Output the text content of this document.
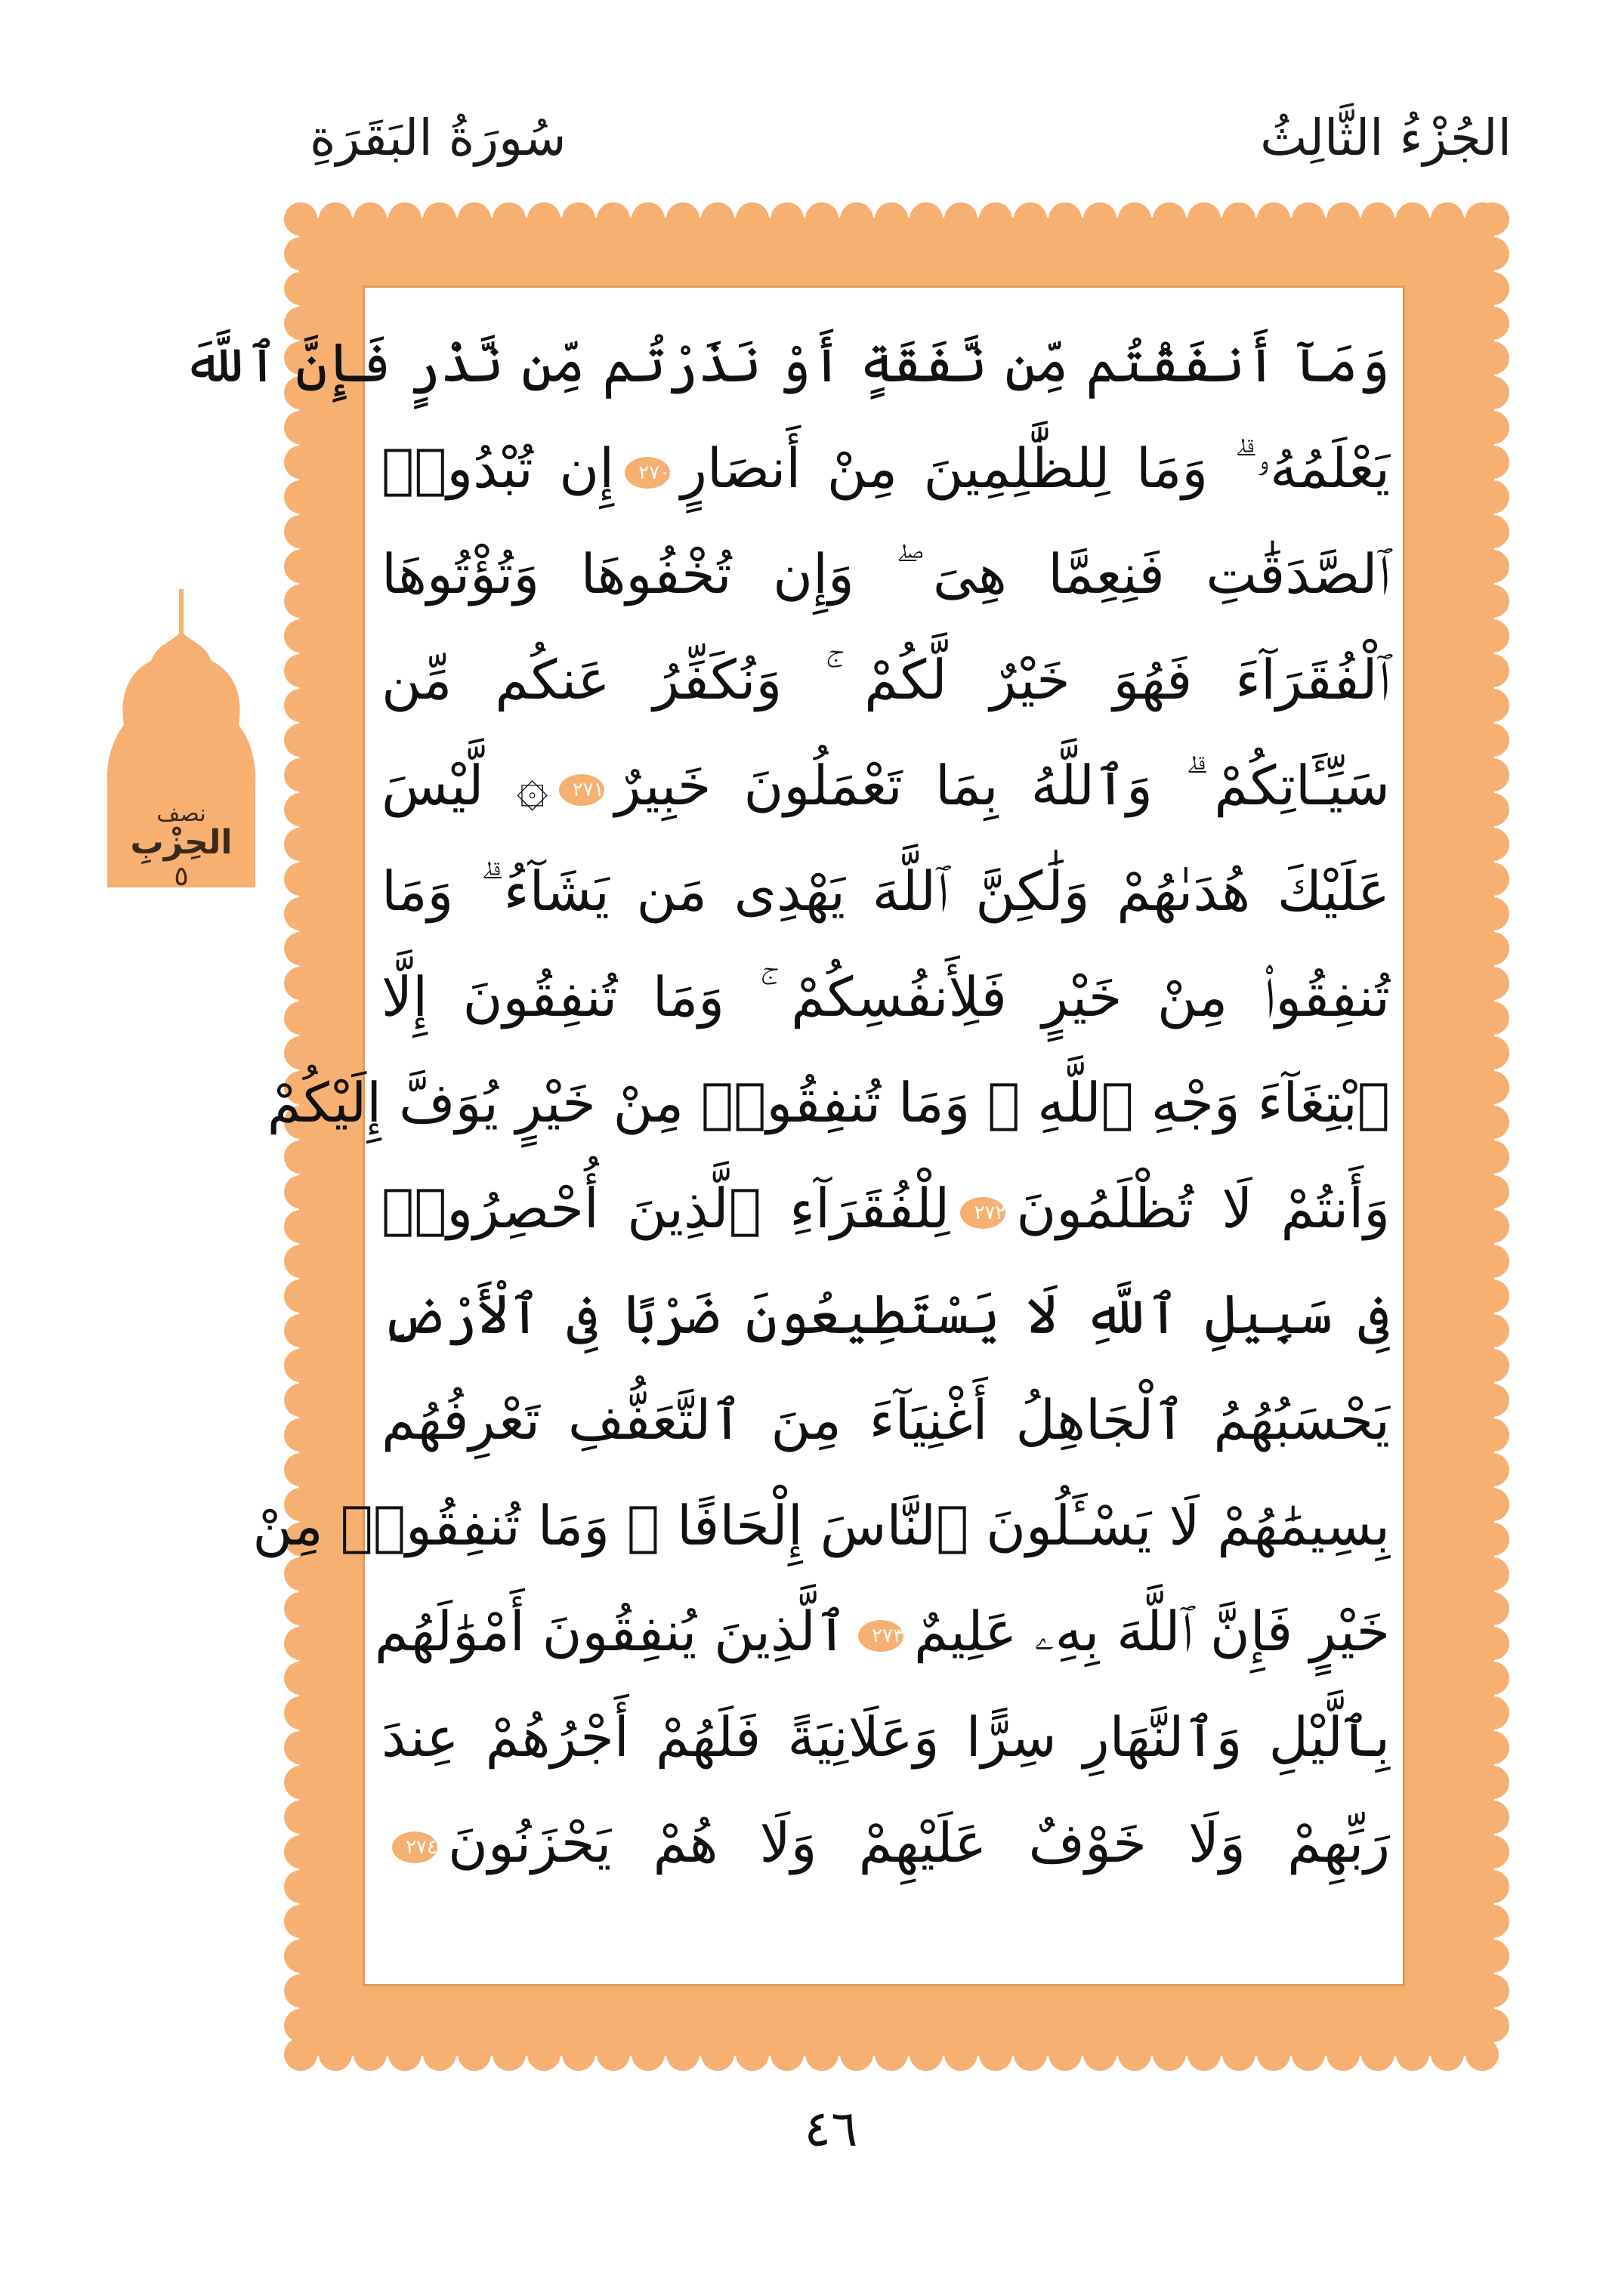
الجُزْءُ الثَّالِثُ
سُورَةُ البَقَرَةِ
وَمَآ أَنفَقْتُم مِّن نَّفَقَةٍ أَوْ نَذَرْتُم مِّن نَّذْرٍ فَإِنَّ ٱللَّهَ
يَعْلَمُهُۥ ۗ وَمَا لِلظَّٰلِمِينَ مِنْ أَنصَارٍ٢٧٠إِن تُبْدُوا۟
ٱلصَّدَقَٰتِ فَنِعِمَّا هِىَ ۖ وَإِن تُخْفُوهَا وَتُؤْتُوهَا
ٱلْفُقَرَآءَ فَهُوَ خَيْرٌ لَّكُمْ ۚ وَنُكَفِّرُ عَنكُم مِّن
سَيِّـَٔاتِكُمْ ۗ وَٱللَّهُ بِمَا تَعْمَلُونَ خَبِيرٌ٢٧١۞ لَّيْسَ
عَلَيْكَ هُدَىٰهُمْ وَلَٰكِنَّ ٱللَّهَ يَهْدِى مَن يَشَآءُ ۗ وَمَا
تُنفِقُوا۟ مِنْ خَيْرٍ فَلِأَنفُسِكُمْ ۚ وَمَا تُنفِقُونَ إِلَّا
ٱبْتِغَآءَ وَجْهِ ٱللَّهِ ۚ وَمَا تُنفِقُوا۟ مِنْ خَيْرٍ يُوَفَّ إِلَيْكُمْ
وَأَنتُمْ لَا تُظْلَمُونَ٢٧٢لِلْفُقَرَآءِ ٱلَّذِينَ أُحْصِرُوا۟
فِى سَبِيلِ ٱللَّهِ لَا يَسْتَطِيعُونَ ضَرْبًا فِى ٱلْأَرْضِ
يَحْسَبُهُمُ ٱلْجَاهِلُ أَغْنِيَآءَ مِنَ ٱلتَّعَفُّفِ تَعْرِفُهُم
بِسِيمَٰهُمْ لَا يَسْـَٔلُونَ ٱلنَّاسَ إِلْحَافًا ۗ وَمَا تُنفِقُوا۟ مِنْ
خَيْرٍ فَإِنَّ ٱللَّهَ بِهِۦ عَلِيمٌ٢٧٣ٱلَّذِينَ يُنفِقُونَ أَمْوَٰلَهُم
بِٱلَّيْلِ وَٱلنَّهَارِ سِرًّا وَعَلَانِيَةً فَلَهُمْ أَجْرُهُمْ عِندَ
رَبِّهِمْ وَلَا خَوْفٌ عَلَيْهِمْ وَلَا هُمْ يَحْزَنُونَ٢٧٤
نصف
الحِزْبِ
٥
٤٦
